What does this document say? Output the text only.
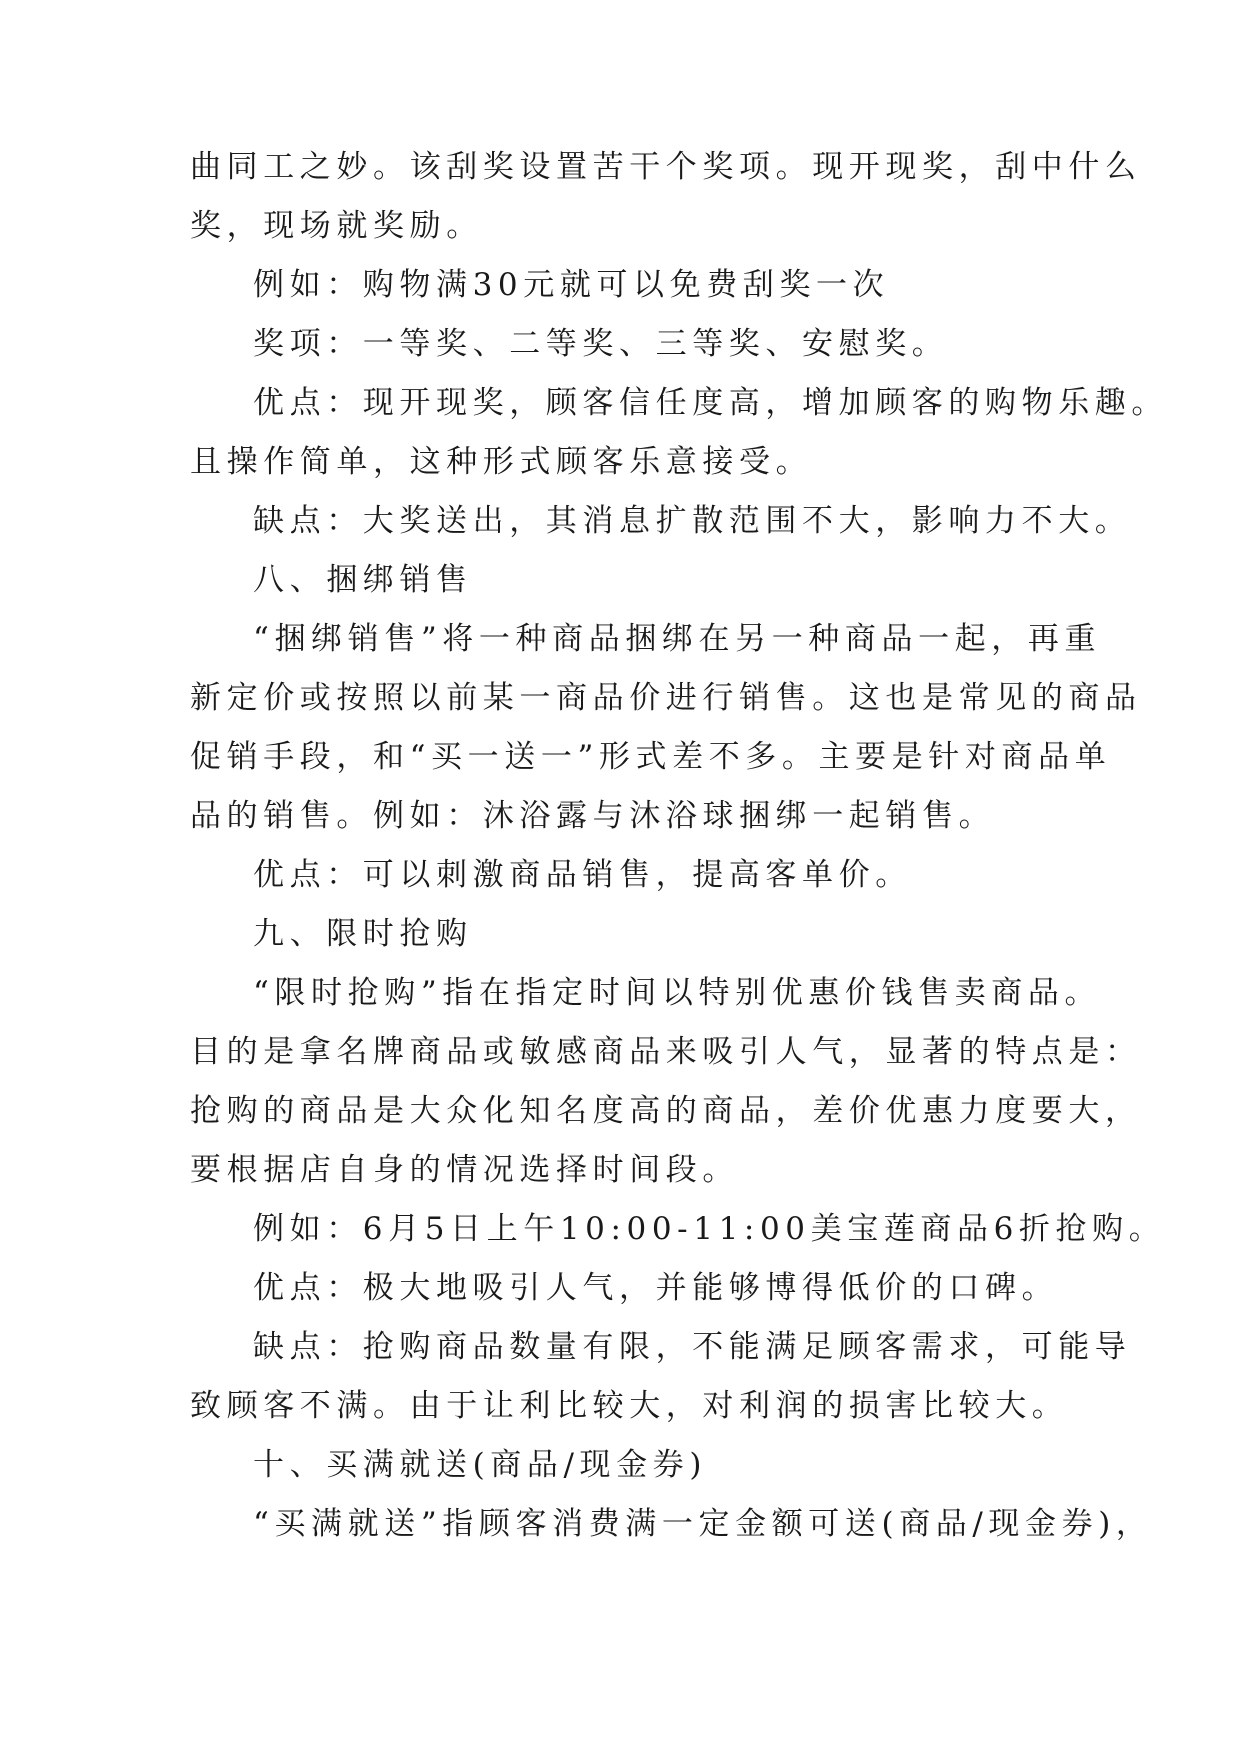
曲同工之妙。该刮奖设置苦干个奖项。现开现奖，刮中什么
奖，现场就奖励。
例如：购物满30元就可以免费刮奖一次
奖项：一等奖、二等奖、三等奖、安慰奖。
优点：现开现奖，顾客信任度高，增加顾客的购物乐趣。
且操作简单，这种形式顾客乐意接受。
缺点：大奖送出，其消息扩散范围不大，影响力不大。
八、捆绑销售
“捆绑销售”将一种商品捆绑在另一种商品一起，再重
新定价或按照以前某一商品价进行销售。这也是常见的商品
促销手段，和“买一送一”形式差不多。主要是针对商品单
品的销售。例如：沐浴露与沐浴球捆绑一起销售。
优点：可以刺激商品销售，提高客单价。
九、限时抢购
“限时抢购”指在指定时间以特别优惠价钱售卖商品。
目的是拿名牌商品或敏感商品来吸引人气，显著的特点是：
抢购的商品是大众化知名度高的商品，差价优惠力度要大，
要根据店自身的情况选择时间段。
例如：6月5日上午10:00-11:00美宝莲商品6折抢购。
优点：极大地吸引人气，并能够博得低价的口碑。
缺点：抢购商品数量有限，不能满足顾客需求，可能导
致顾客不满。由于让利比较大，对利润的损害比较大。
十、买满就送(商品/现金券)
“买满就送”指顾客消费满一定金额可送(商品/现金券)，
